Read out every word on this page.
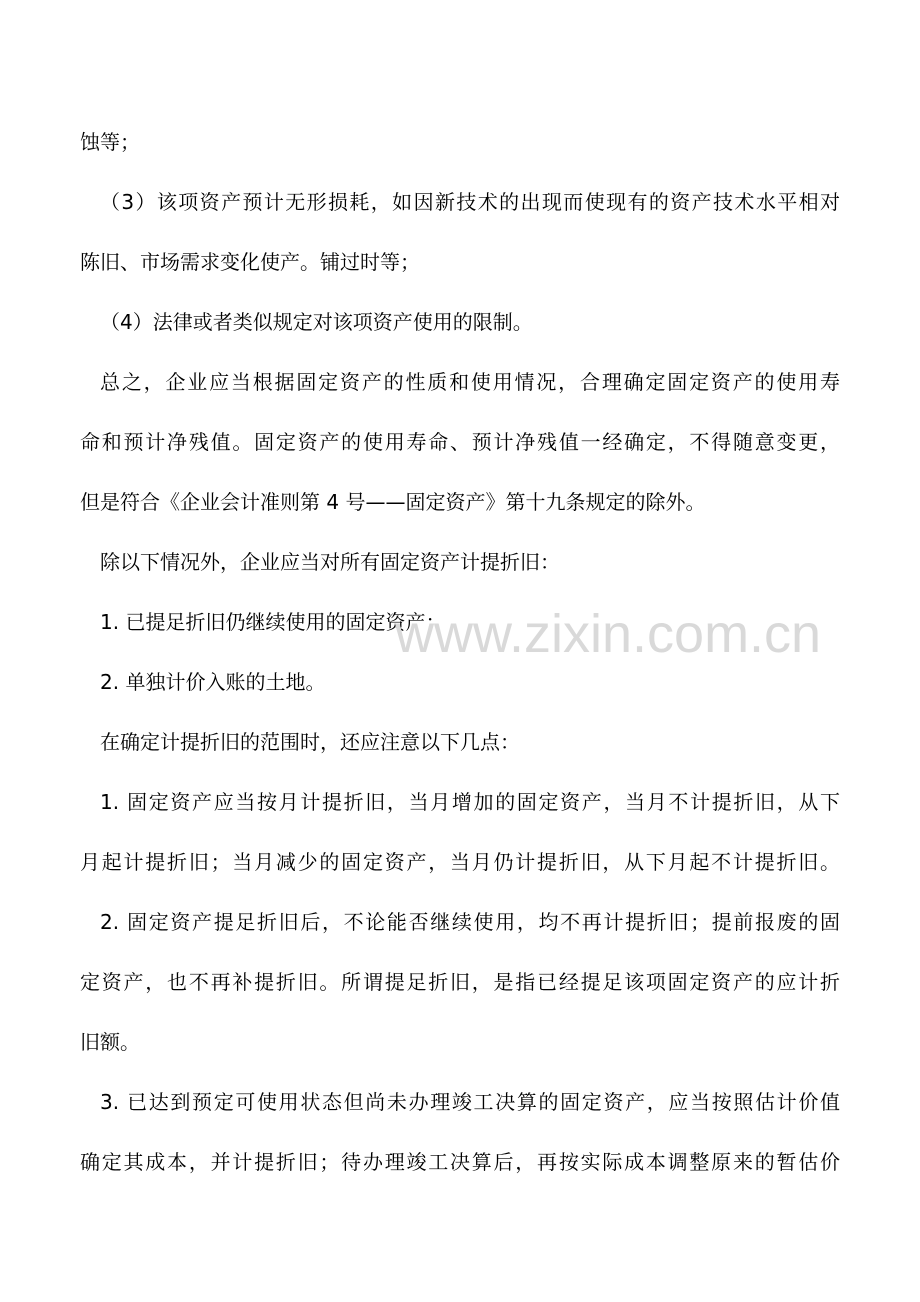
蚀等；
（3）该项资产预计无形损耗，如因新技术的出现而使现有的资产技术水平相对
陈旧、市场需求变化使产。铺过时等；
（4）法律或者类似规定对该项资产使用的限制。
总之，企业应当根据固定资产的性质和使用情况，合理确定固定资产的使用寿
命和预计净残值。固定资产的使用寿命、预计净残值一经确定，不得随意变更，
但是符合《企业会计准则第 4 号——固定资产》第十九条规定的除外。
除以下情况外，企业应当对所有固定资产计提折旧：
1. 已提足折旧仍继续使用的固定资产；
2. 单独计价入账的土地。
在确定计提折旧的范围时，还应注意以下几点：
1. 固定资产应当按月计提折旧，当月增加的固定资产，当月不计提折旧，从下
月起计提折旧；当月减少的固定资产，当月仍计提折旧，从下月起不计提折旧。
2. 固定资产提足折旧后，不论能否继续使用，均不再计提折旧；提前报废的固
定资产，也不再补提折旧。所谓提足折旧，是指已经提足该项固定资产的应计折
旧额。
3. 已达到预定可使用状态但尚未办理竣工决算的固定资产，应当按照估计价值
确定其成本，并计提折旧；待办理竣工决算后，再按实际成本调整原来的暂估价
www.zixin.com.cn
